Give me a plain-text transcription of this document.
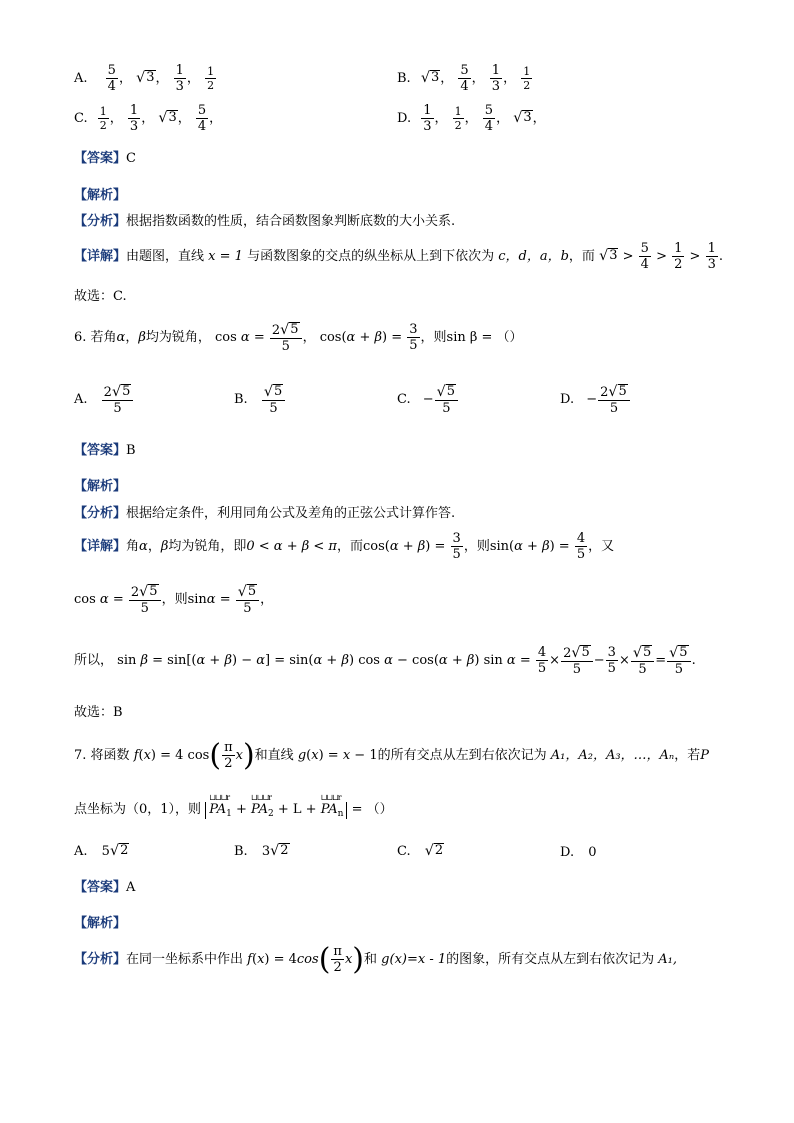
A. $\frac{5}{4}$ ， √ 3 ， $\frac{1}{3}$ ， $\frac{1}{2}$	B. √ 3 ， $\frac{5}{4}$ ， $\frac{1}{3}$ ， $\frac{1}{2}$
C. $\frac{1}{2}$ ， $\frac{1}{3}$ ， √ 3 ， $\frac{5}{4}$ ，	D. $\frac{1}{3}$ ， $\frac{1}{2}$ ， $\frac{5}{4}$ ， √ 3 ，
【答案】C
【解析】
【分析】根据指数函数的性质，结合函数图象判断底数的大小关系.
【详解】由题图，直线 x = 1 与函数图象的交点的纵坐标从上到下依次为 c，d，a，b，而 √ $3 > \frac{5}{4} > \frac{1}{2} > \frac{1}{3}$ .
故选：C.
6. 若角α，β均为锐角， $\cos \alpha = \frac{2 √ 5}{5}$ ， $\cos(\alpha + \beta) = \frac{3}{5}$ ，则sin β = （）
A. $\frac{2 √ 5}{5}$	B. $\frac{√ 5}{5}$	C. − $\frac{√ 5}{5}$	D. − $\frac{2 √ 5}{5}$
【答案】B
【解析】
【分析】根据给定条件，利用同角公式及差角的正弦公式计算作答.
【详解】角α，β均为锐角，即0 < α + β < π，而$\cos(\alpha + \beta) = \frac{3}{5}$ ，则$\sin(\alpha + \beta) = \frac{4}{5}$ ，又
$\cos \alpha = \frac{2 √ 5}{5}$ ，则$\sin\alpha = \frac{√ 5}{5}$ ，
所以， sin β = sin[(α + β) − α] = sin(α + β) cos α − cos(α + β) $\sin \alpha = \frac{4}{5} \times \frac{2 √ 5}{5} - \frac{3}{5} \times \frac{√ 5}{5} = \frac{√ 5}{5}$ .
故选：B
7. 将函数 f(x) = 4 $\cos( \frac{\pi}{2} x)$和直线 g(x) = x − 1的所有交点从左到右依次记为 A₁，A₂，A₃，…，Aₙ，若P
点坐标为（0，1），则
⊔⊔⊔r
$PA_1$ +
⊔⊔⊔r
$PA_2 + L$ +
⊔⊔⊔r
$PA_n$ = （）
A. 5 √ 2	B. 3 √ 2	C. √ 2	D. 0
【答案】A
【解析】
【分析】在同一坐标系中作出 $f(x) = 4\cos( \frac{\pi}{2} x)$和 g(x)=x - 1的图象，所有交点从左到右依次记为 A₁,
